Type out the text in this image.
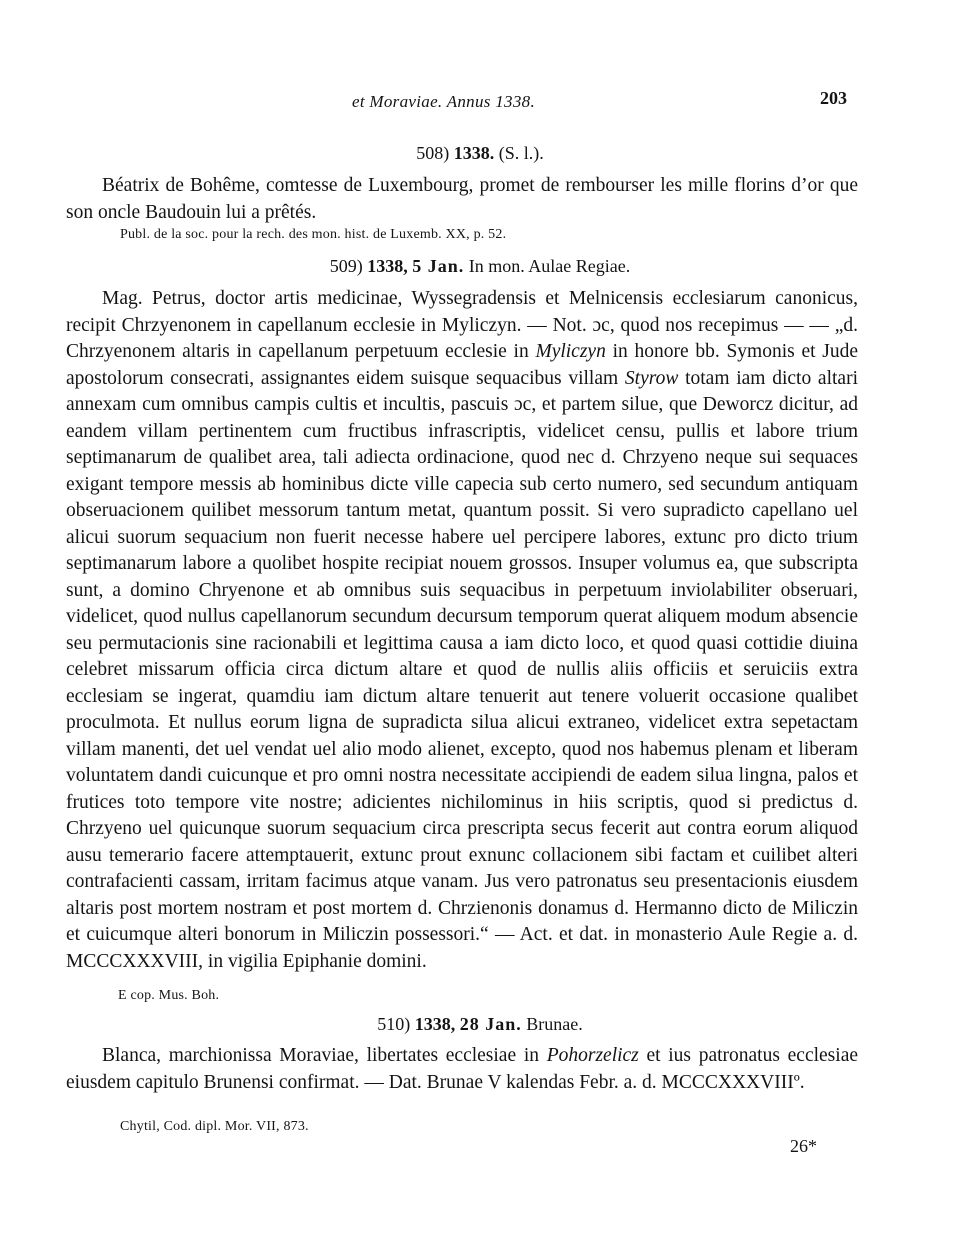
et Moraviae. Annus 1338.	203
508) 1338. (S. l.).
Béatrix de Bohême, comtesse de Luxembourg, promet de rembourser les mille florins d’or que son oncle Baudouin lui a prêtés.
Publ. de la soc. pour la rech. des mon. hist. de Luxemb. XX, p. 52.
509) 1338, 5 Jan. In mon. Aulae Regiae.
Mag. Petrus, doctor artis medicinae, Wyssegradensis et Melnicensis ecclesiarum canonicus, recipit Chrzyenonem in capellanum ecclesie in Myliczyn. — Not. ɔc, quod nos recepimus — — „d. Chrzyenonem altaris in capellanum perpetuum ecclesie in Myliczyn in honore bb. Symonis et Jude apostolorum consecrati, assignantes eidem suisque sequacibus villam Styrow totam iam dicto altari annexam cum omnibus campis cultis et incultis, pascuis ɔc, et partem silue, que Deworcz dicitur, ad eandem villam pertinentem cum fructibus infrascriptis, videlicet censu, pullis et labore trium septimanarum de qualibet area, tali adiecta ordinacione, quod nec d. Chrzyeno neque sui sequaces exigant tempore messis ab hominibus dicte ville capecia sub certo numero, sed secundum antiquam obseruacionem quilibet messorum tantum metat, quantum possit. Si vero supradicto capellano uel alicui suorum sequacium non fuerit necesse habere uel percipere labores, extunc pro dicto trium septimanarum labore a quolibet hospite recipiat nouem grossos. Insuper volumus ea, que subscripta sunt, a domino Chryenone et ab omnibus suis sequacibus in perpetuum inviolabiliter obseruari, videlicet, quod nullus capellanorum secundum decursum temporum querat aliquem modum absencie seu permutacionis sine racionabili et legittima causa a iam dicto loco, et quod quasi cottidie diuina celebret missarum officia circa dictum altare et quod de nullis aliis officiis et seruiciis extra ecclesiam se ingerat, quamdiu iam dictum altare tenuerit aut tenere voluerit occasione qualibet proculmota. Et nullus eorum ligna de supradicta silua alicui extraneo, videlicet extra sepetactam villam manenti, det uel vendat uel alio modo alienet, excepto, quod nos habemus plenam et liberam voluntatem dandi cuicunque et pro omni nostra necessitate accipiendi de eadem silua lingna, palos et frutices toto tempore vite nostre; adicientes nichilominus in hiis scriptis, quod si predictus d. Chrzyeno uel quicunque suorum sequacium circa prescripta secus fecerit aut contra eorum aliquod ausu temerario facere attemptauerit, extunc prout exnunc collacionem sibi factam et cuilibet alteri contrafacienti cassam, irritam facimus atque vanam. Jus vero patronatus seu presentacionis eiusdem altaris post mortem nostram et post mortem d. Chrzienonis donamus d. Hermanno dicto de Miliczin et cuicumque alteri bonorum in Miliczin possessori.“ — Act. et dat. in monasterio Aule Regie a. d. MCCCXXXVIII, in vigilia Epiphanie domini.
E cop. Mus. Boh.
510) 1338, 28 Jan. Brunae.
Blanca, marchionissa Moraviae, libertates ecclesiae in Pohorzelicz et ius patronatus ecclesiae eiusdem capitulo Brunensi confirmat. — Dat. Brunae V kalendas Febr. a. d. MCCCXXXVIIIº.
Chytil, Cod. dipl. Mor. VII, 873.
26*
